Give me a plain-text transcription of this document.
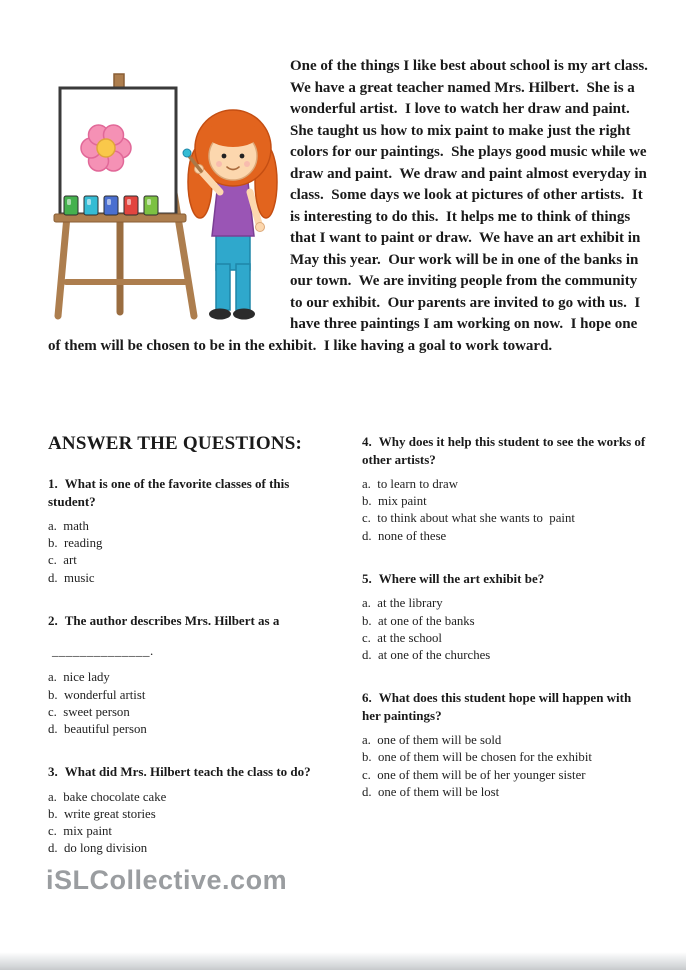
One of the things I like best about school is my art class.  We have a great teacher named Mrs. Hilbert.  She is a wonderful artist.  I love to watch her draw and paint.  She taught us how to mix paint to make just the right colors for our paintings.  She plays good music while we draw and paint.  We draw and paint almost everyday in class.  Some days we look at pictures of other artists.  It is interesting to do this.  It helps me to think of things that I want to paint or draw.  We have an art exhibit in May this year.  Our work will be in one of the banks in our town.  We are inviting people from the community to our exhibit.  Our parents are invited to go with us.  I have three paintings I am working on now.  I hope one of them will be chosen to be in the exhibit.  I like having a goal to work toward.

ANSWER THE QUESTIONS:
1. What is one of the favorite classes of this student?
a.  math
b.  reading
c.  art
d.  music
2. The author describes Mrs. Hilbert as a
______________.
a.  nice lady
b.  wonderful artist
c.  sweet person
d.  beautiful person
3. What did Mrs. Hilbert teach the class to do?
a.  bake chocolate cake
b.  write great stories
c.  mix paint
d.  do long division
4. Why does it help this student to see the works of other artists?
a.  to learn to draw
b.  mix paint
c.  to think about what she wants to  paint
d.  none of these
5. Where will the art exhibit be?
a.  at the library
b.  at one of the banks
c.  at the school
d.  at one of the churches
6. What does this student hope will happen with her paintings?
a.  one of them will be sold
b.  one of them will be chosen for the exhibit
c.  one of them will be of her younger sister
d.  one of them will be lost
iSLCollective.com
